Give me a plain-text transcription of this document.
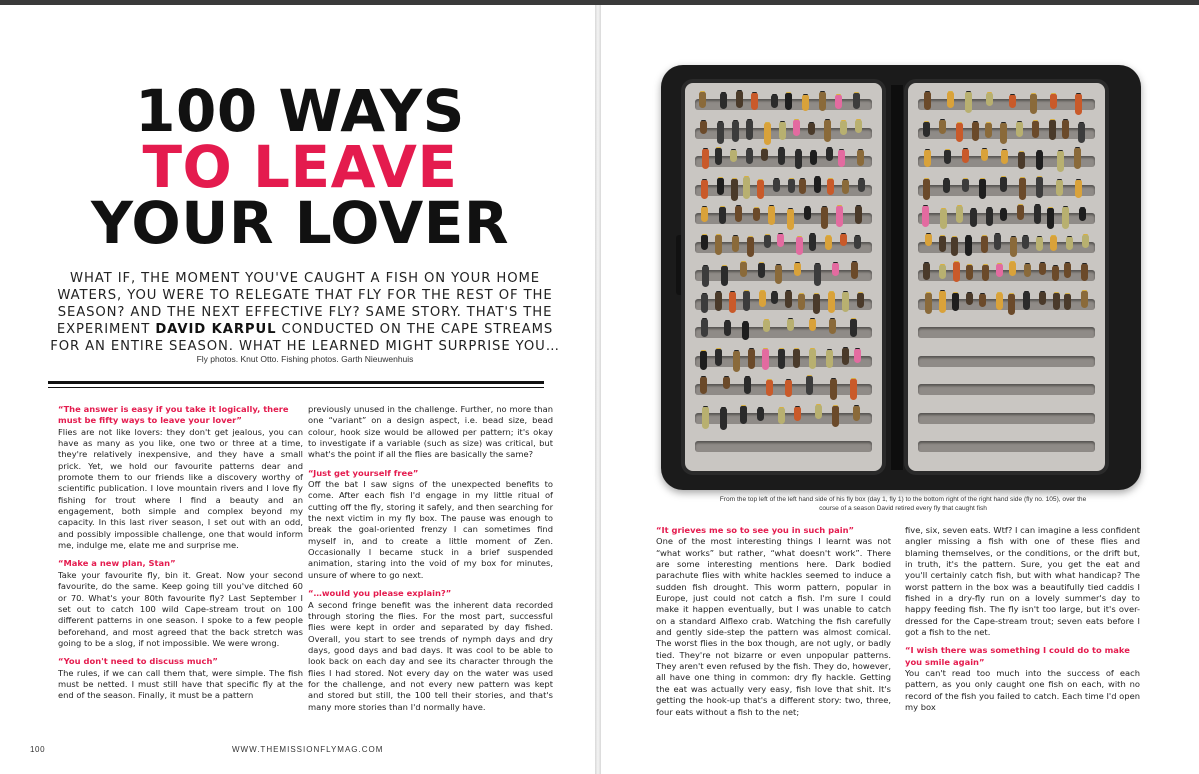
100 WAYS
TO LEAVE
YOUR LOVER

WHAT IF, THE MOMENT YOU'VE CAUGHT A FISH ON YOUR HOME WATERS, YOU WERE TO RELEGATE THAT FLY FOR THE REST OF THE SEASON? AND THE NEXT EFFECTIVE FLY? SAME STORY. THAT'S THE EXPERIMENT DAVID KARPUL CONDUCTED ON THE CAPE STREAMS FOR AN ENTIRE SEASON. WHAT HE LEARNED MIGHT SURPRISE YOU…

Fly photos. Knut Otto. Fishing photos. Garth Nieuwenhuis
“The answer is easy if you take it logically, there must be fifty ways to leave your lover”

Flies are not like lovers: they don't get jealous, you can have as many as you like, one two or three at a time, they're relatively inexpensive, and they have a small prick. Yet, we hold our favourite patterns dear and promote them to our friends like a discovery worthy of scientific publication. I love mountain rivers and I love fly fishing for trout where I find a beauty and an engagement, both simple and complex beyond my capacity. In this last river season, I set out with an odd, and possibly impossible challenge, one that would inform me, indulge me, elate me and surprise me.

“Make a new plan, Stan”

Take your favourite fly, bin it. Great. Now your second favourite, do the same. Keep going till you've ditched 60 or 70. What's your 80th favourite fly? Last September I set out to catch 100 wild Cape-stream trout on 100 different patterns in one season. I spoke to a few people beforehand, and most agreed that the back stretch was going to be a slog, if not impossible. We were wrong.

“You don't need to discuss much”

The rules, if we can call them that, were simple. The fish must be netted. I must still have that specific fly at the end of the season. Finally, it must be a pattern

previously unused in the challenge. Further, no more than one “variant” on a design aspect, i.e. bead size, bead colour, hook size would be allowed per pattern; it's okay to investigate if a variable (such as size) was critical, but what's the point if all the flies are basically the same?

“Just get yourself free”

Off the bat I saw signs of the unexpected benefits to come. After each fish I'd engage in my little ritual of cutting off the fly, storing it safely, and then searching for the next victim in my fly box. The pause was enough to break the goal-oriented frenzy I can sometimes find myself in, and to create a little moment of Zen. Occasionally I became stuck in a brief suspended animation, staring into the void of my box for minutes, unsure of where to go next.

“…would you please explain?”

A second fringe benefit was the inherent data recorded through storing the flies. For the most part, successful flies were kept in order and separated by day fished. Overall, you start to see trends of nymph days and dry days, good days and bad days. It was cool to be able to look back on each day and see its character through the flies I had stored. Not every day on the water was used for the challenge, and not every new pattern was kept and stored but still, the 100 tell their stories, and that's many more stories than I'd normally have.

100	WWW.THEMISSIONFLYMAG.COM
From the top left of the left hand side of his fly box (day 1, fly 1) to the bottom right of the right hand side (fly no. 105), over the course of a season David retired every fly that caught fish
“It grieves me so to see you in such pain”

One of the most interesting things I learnt was not “what works” but rather, “what doesn't work”. There are some interesting mentions here. Dark bodied parachute flies with white hackles seemed to induce a sudden fish drought. This worm pattern, popular in Europe, just could not catch a fish. I'm sure I could make it happen eventually, but I was unable to catch on a standard Alflexo crab. Watching the fish carefully and gently side-step the pattern was almost comical. The worst flies in the box though, are not ugly, or badly tied. They're not bizarre or even unpopular patterns. They aren't even refused by the fish. They do, however, all have one thing in common: dry fly hackle. Getting the eat was actually very easy, fish love that shit. It's getting the hook-up that's a different story: two, three, four eats without a fish to the net;

five, six, seven eats. Wtf? I can imagine a less confident angler missing a fish with one of these flies and blaming themselves, or the conditions, or the drift but, in truth, it's the pattern. Sure, you get the eat and you'll certainly catch fish, but with what handicap? The worst pattern in the box was a beautifully tied caddis I fished in a dry-fly run on a lovely summer's day to happy feeding fish. The fly isn't too large, but it's over-dressed for the Cape-stream trout; seven eats before I got a fish to the net.

“I wish there was something I could do to make you smile again”

You can't read too much into the success of each pattern, as you only caught one fish on each, with no record of the fish you failed to catch. Each time I'd open my box
